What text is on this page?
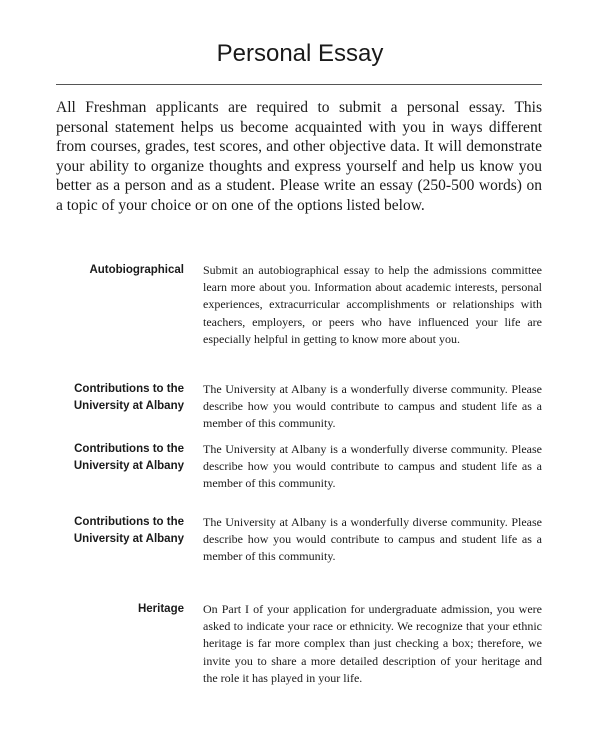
Personal Essay
All Freshman applicants are required to submit a personal essay. This personal statement helps us become acquainted with you in ways different from courses, grades, test scores, and other objective data. It will demonstrate your ability to organize thoughts and express yourself and help us know you better as a person and as a student. Please write an essay (250-500 words) on a topic of your choice or on one of the options listed below.
Autobiographical Submit an autobiographical essay to help the admissions committee learn more about you. Information about academic interests, personal experiences, extracurricular accomplishments or relationships with teachers, employers, or peers who have influenced your life are especially helpful in getting to know more about you.
Contributions to the University at Albany
The University at Albany is a wonderfully diverse community. Please describe how you would contribute to campus and student life as a member of this community.
Contributions to the University at Albany
The University at Albany is a wonderfully diverse community. Please describe how you would contribute to campus and student life as a member of this community.
Contributions to the University at Albany
The University at Albany is a wonderfully diverse community. Please describe how you would contribute to campus and student life as a member of this community.
Heritage On Part I of your application for undergraduate admission, you were asked to indicate your race or ethnicity. We recognize that your ethnic heritage is far more complex than just checking a box; therefore, we invite you to share a more detailed description of your heritage and the role it has played in your life.
